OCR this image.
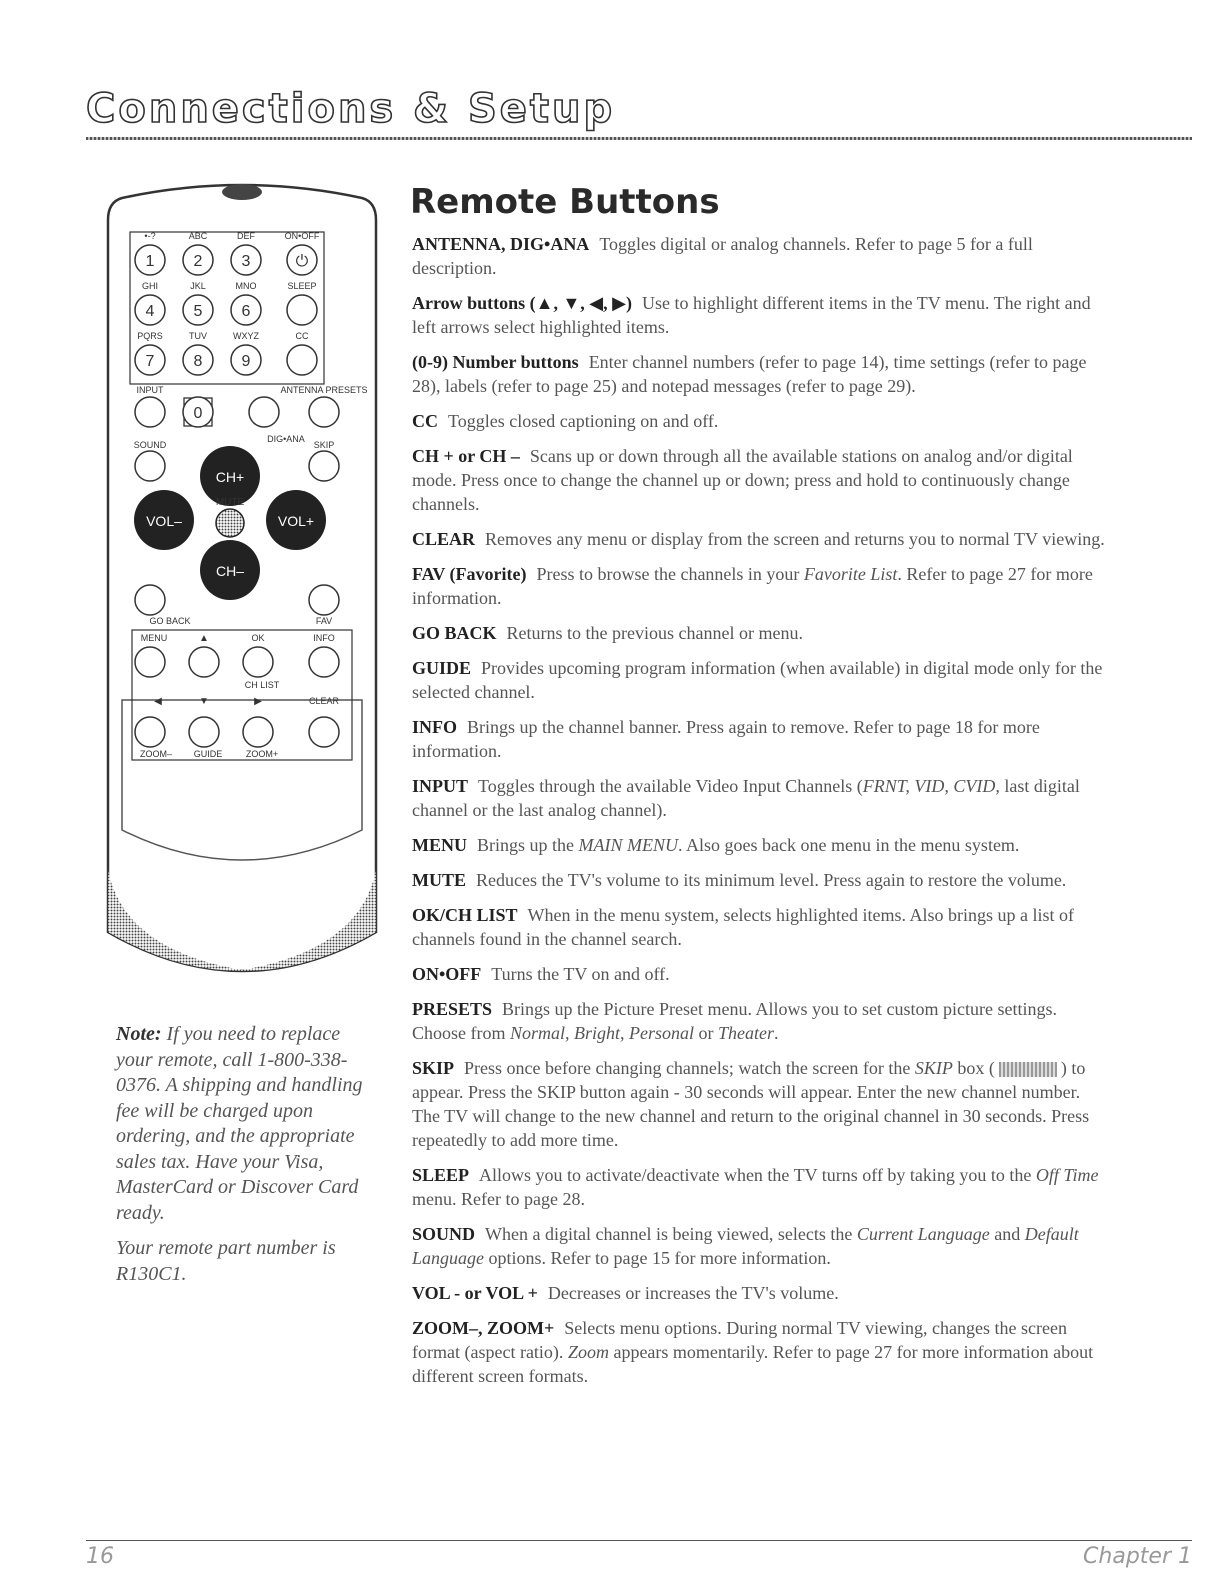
Connections & Setup
•-?
1
ABC
2
DEF
3
ON•OFF
⏻
GHI
4
JKL
5
MNO
6
SLEEP
PQRS
7
TUV
8
WXYZ
9
CC
INPUT
0
ANTENNA PRESETS
SOUND
DIG•ANA
SKIP
GO BACK	FAV
MENU	▲	OK	INFO
CH LIST
◀	▼	▶	CLEAR
ZOOM– GUIDE	ZOOM+
CH+
VOL–	VOL+
MUTE
CH–

Note: If you need to replace your remote, call 1-800-338-0376. A shipping and handling fee will be charged upon ordering, and the appropriate sales tax. Have your Visa, MasterCard or Discover Card ready.

Your remote part number is R130C1.

Remote Buttons

ANTENNA, DIG•ANA Toggles digital or analog channels. Refer to page 5 for a full description.

Arrow buttons (▲, ▼, ◀, ▶) Use to highlight different items in the TV menu. The right and left arrows select highlighted items.

(0-9) Number buttons Enter channel numbers (refer to page 14), time settings (refer to page 28), labels (refer to page 25) and notepad messages (refer to page 29).

CC Toggles closed captioning on and off.

CH + or CH – Scans up or down through all the available stations on analog and/or digital mode. Press once to change the channel up or down; press and hold to continuously change channels.

CLEAR Removes any menu or display from the screen and returns you to normal TV viewing.

FAV (Favorite) Press to browse the channels in your Favorite List. Refer to page 27 for more information.

GO BACK Returns to the previous channel or menu.

GUIDE Provides upcoming program information (when available) in digital mode only for the selected channel.

INFO Brings up the channel banner. Press again to remove. Refer to page 18 for more information.

INPUT Toggles through the available Video Input Channels (FRNT, VID, CVID, last digital channel or the last analog channel).

MENU Brings up the MAIN MENU. Also goes back one menu in the menu system.

MUTE Reduces the TV's volume to its minimum level. Press again to restore the volume.

OK/CH LIST When in the menu system, selects highlighted items. Also brings up a list of channels found in the channel search.

ON•OFF Turns the TV on and off.

PRESETS Brings up the Picture Preset menu. Allows you to set custom picture settings. Choose from Normal, Bright, Personal or Theater.

SKIP Press once before changing channels; watch the screen for the SKIP box (	) to appear. Press the SKIP button again - 30 seconds will appear. Enter the new channel number. The TV will change to the new channel and return to the original channel in 30 seconds. Press repeatedly to add more time.

SLEEP Allows you to activate/deactivate when the TV turns off by taking you to the Off Time menu. Refer to page 28.

SOUND When a digital channel is being viewed, selects the Current Language and Default Language options. Refer to page 15 for more information.

VOL - or VOL + Decreases or increases the TV's volume.

ZOOM–, ZOOM+ Selects menu options. During normal TV viewing, changes the screen format (aspect ratio). Zoom appears momentarily. Refer to page 27 for more information about different screen formats.

16	Chapter 1
